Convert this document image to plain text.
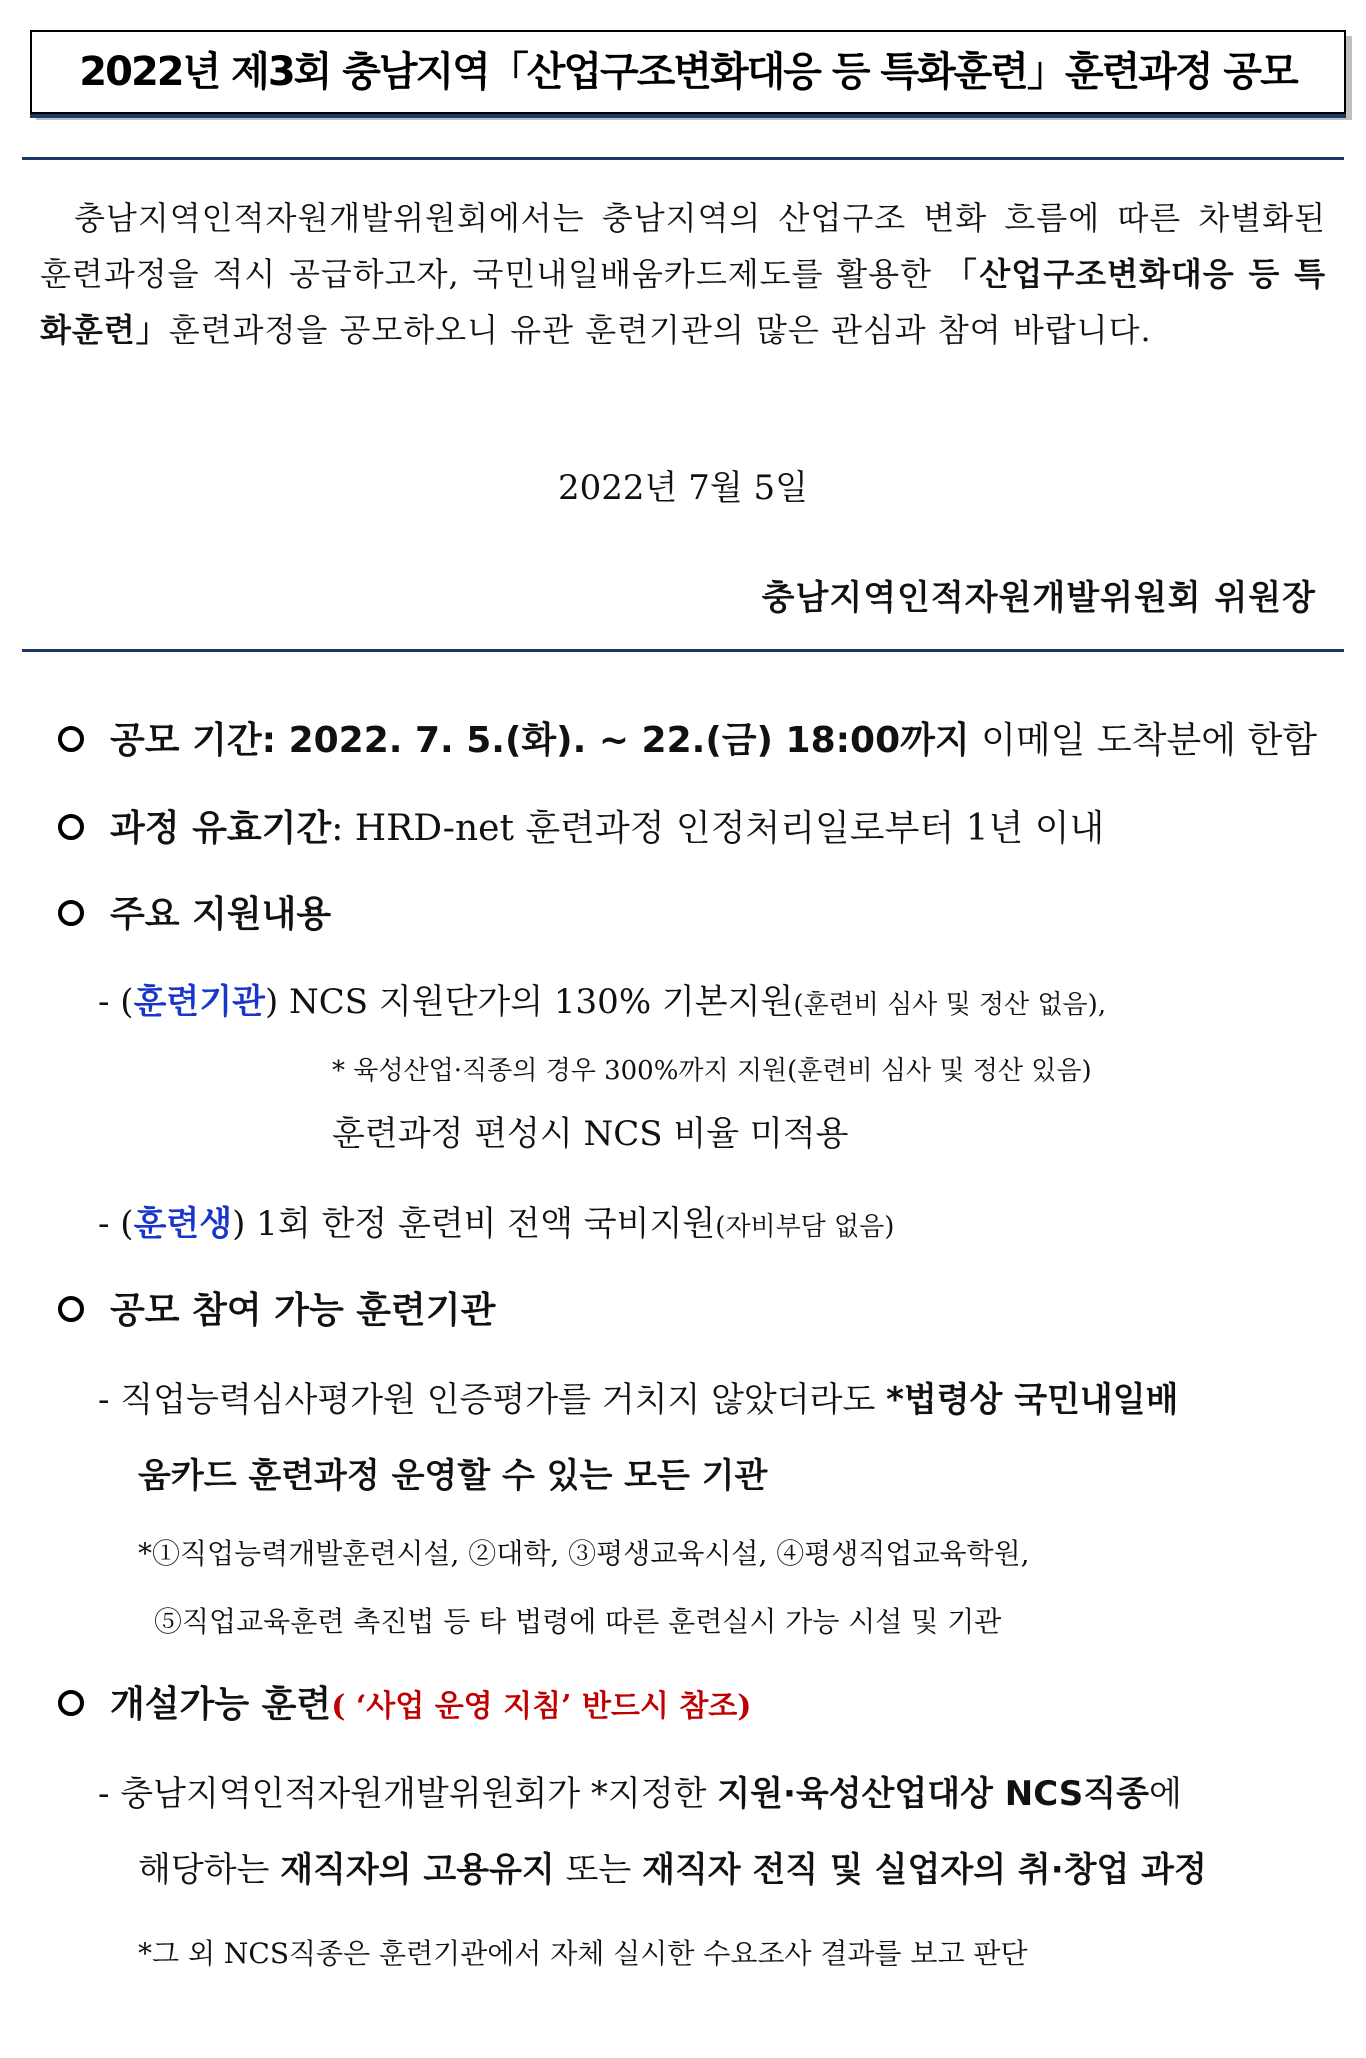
2022년 제3회 충남지역「산업구조변화대응 등 특화훈련」훈련과정 공모

충남지역인적자원개발위원회에서는 충남지역의 산업구조 변화 흐름에 따른 차별화된 훈련과정을 적시 공급하고자, 국민내일배움카드제도를 활용한 「산업구조변화대응 등 특화훈련」훈련과정을 공모하오니 유관 훈련기관의 많은 관심과 참여 바랍니다.

2022년 7월 5일
충남지역인적자원개발위원회 위원장
공모 기간: 2022. 7. 5.(화). ~ 22.(금) 18:00까지 이메일 도착분에 한함
과정 유효기간: HRD-net 훈련과정 인정처리일로부터 1년 이내
주요 지원내용
- (훈련기관) NCS 지원단가의 130% 기본지원(훈련비 심사 및 정산 없음),
* 육성산업·직종의 경우 300%까지 지원(훈련비 심사 및 정산 있음)
훈련과정 편성시 NCS 비율 미적용
- (훈련생) 1회 한정 훈련비 전액 국비지원(자비부담 없음)
공모 참여 가능 훈련기관
- 직업능력심사평가원 인증평가를 거치지 않았더라도 *법령상 국민내일배
움카드 훈련과정 운영할 수 있는 모든 기관
*①직업능력개발훈련시설, ②대학, ③평생교육시설, ④평생직업교육학원,
⑤직업교육훈련 촉진법 등 타 법령에 따른 훈련실시 가능 시설 및 기관
개설가능 훈련( ‘사업 운영 지침’ 반드시 참조)
- 충남지역인적자원개발위원회가 *지정한 지원·육성산업대상 NCS직종에
해당하는 재직자의 고용유지 또는 재직자 전직 및 실업자의 취·창업 과정
*그 외 NCS직종은 훈련기관에서 자체 실시한 수요조사 결과를 보고 판단
